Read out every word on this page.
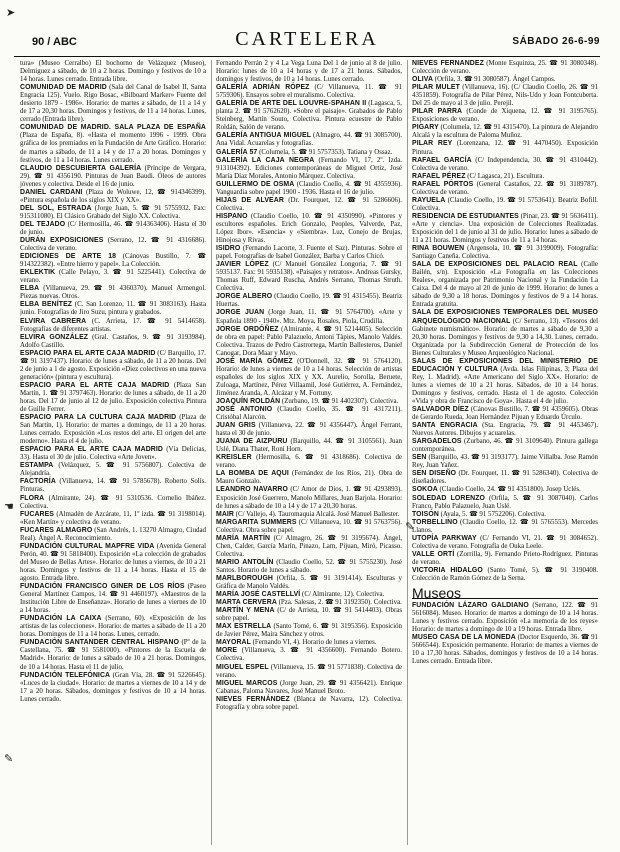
➤
90 / ABC	CARTELERA	SÁBADO 26-6-99

tura» (Museo Cerralbo) El bochorno de Velázquez (Museo), Delmiguez a sábado, de 10 a 2 horas. Domingo y festivos de 10 a 14 horas. Lunes cerrado. Entrada libre.

COMUNIDAD DE MADRID (Sala del Canal de Isabel II, Santa Engracia 125). Vuelo. Rigo Bosac, «Bilboard Marker» Fuente del desierto 1879 - 1986». Horario: de martes a sábado, de 11 a 14 y de 17 a 20,30 horas. Domingos y festivos, de 11 a 14 horas. Lunes, cerrado (Entrada libre).

COMUNIDAD DE MADRID. SALA PLAZA DE ESPAÑA (Plaza de España, 8). «Hasta el momento 1996 - 1999. Obra gráfica de los premiados en la Fundación de Arte Gráfico. Horario: de martes a sábado, de 11 a 14 y de 17 a 20 horas. Domingos y festivos, de 11 a 14 horas. Lunes cerrado.

CLAUDIO DESCUBIERTA GALERÍA (Príncipe de Vergara, 29). ☎ 91 4356190. Pinturas de Juan Baudi. Óleos de autores jóvenes y colectiva. Desde el 16 de junio.

DANIEL CARDANI (Plaza de Woluwe, 12, ☎ 914346399). «Pintura española de los siglos XIX y XX».

DEL SOL, ESTRADA (Jorge Juan, 5. ☎ 91 5755932. Fax: 915311080). El Clásico Grabado del Siglo XX. Colectiva.

DEL TEJADO (C/ Hermosilla, 46. ☎ 914363406). Hasta el 30 de junio.

DURÁN EXPOSICIONES (Serrano, 12. ☎ 91 4316686). Colectiva de verano.

EDICIONES DE ARTE 18 (Cánovas Bustillo, 7. ☎ 914322382). «Entre hierro y papel». La Colección.

EKLEKTIK (Calle Pelayo, 3. ☎ 91 5225441). Colectiva de verano.

ELBA (Villanueva, 29. ☎ 91 4360370). Manuel Armengol. Piezas nuevas. Otros.

ELBA BENÍTEZ (C. San Lorenzo, 11. ☎ 91 3083163). Hasta junio. Fotografías de Jiro Suzu, pintura y grabados.

ELVIRA CABRERA (C. Arrieta, 17. ☎ 91 5414658). Fotografías de diferentes artistas.

ELVIRA GONZÁLEZ (Gral. Castaños, 9. ☎ 91 3193984). Adolfo Castillo.

ESPACIO PARA EL ARTE CAJA MADRID (C/ Barquillo, 17. ☎ 91 3197437). Horario: de lunes a sábado, de 11 a 20 horas. Del 2 de junio a 1 de agosto. Exposición «Diez colectivos en una nueva generación» (pintura y escultura).

ESPACIO PARA EL ARTE CAJA MADRID (Plaza San Martín, 1. ☎ 91 3797463). Horario: de lunes a sábado, de 11 a 20 horas. Del 17 de junio al 12 de julio. Exposición colectiva Pintura de Guille Ferrer.

ESPACIO PARA LA CULTURA CAJA MADRID (Plaza de San Martín, 1). Horario: de martes a domingo, de 11 a 20 horas. Lunes cerrado. Exposición «Los restos del arte. El origen del arte moderno». Hasta el 4 de julio.

ESPACIO PARA EL ARTE CAJA MADRID (Vía Delicias, 33). Hasta el 30 de julio. Colectiva «Arte Joven».

ESTAMPA (Velázquez, 5. ☎ 91 5756807). Colectiva de Alejandría.

FACTORÍA (Villanueva, 14. ☎ 91 5785678). Roberto Solís. Pinturas.

FLORA (Almirante, 24). ☎ 91 5310536. Cornelio Ibáñez. Colectiva.

FUCARES (Almadén de Azcárate, 11, 1º izda. ☎ 91 3198014). «Ken Martín» y colectiva de verano.

FUCARES ALMAGRO (San Andrés, 1. 13270 Almagro, Ciudad Real). Ángel A. Reconocimiento.

FUNDACIÓN CULTURAL MAPFRE VIDA (Avenida General Perón, 40. ☎ 91 5818400). Exposición «La colección de grabados del Museo de Bellas Artes». Horario: de lunes a viernes, de 10 a 21 horas. Domingos y festivos de 11 a 14 horas. Hasta el 15 de agosto. Entrada libre.

FUNDACIÓN FRANCISCO GINER DE LOS RÍOS (Paseo General Martínez Campos, 14. ☎ 91 4460197). «Maestros de la Institución Libre de Enseñanza». Horario de lunes a viernes de 10 a 14 horas.

FUNDACIÓN LA CAIXA (Serrano, 60). «Exposición de los artistas de las colecciones». Horario: de martes a sábado de 11 a 20 horas. Domingos de 11 a 14 horas. Lunes, cerrado.

FUNDACIÓN SANTANDER CENTRAL HISPANO (Pº de la Castellana, 75. ☎ 91 5581000). «Pintores de la Escuela de Madrid». Horario: de lunes a sábado de 10 a 21 horas. Domingos, de 10 a 14 horas. Hasta el 11 de julio.

FUNDACIÓN TELEFÓNICA (Gran Vía, 28. ☎ 91 5226645). «Luces de la ciudad». Horario: de martes a viernes de 10 a 14 y de 17 a 20 horas. Sábados, domingos y festivos de 10 a 14 horas. Lunes cerrado.

Fernando Perrán 2 y 4 La Vega Luna Del 1 de junio al 8 de julio. Horario: lunes de 10 a 14 horas y de 17 a 21 horas. Sábados, domingos y festivos, de 10 a 14 horas. Lunes cerrado.

GALERÍA ADRIÁN RÓPEZ (C/ Villanueva, 11. ☎ 91 5759306). Ensayos sobre el muralismo. Colectiva.

GALERÍA DE ARTE DEL LOUVRE-SPAHAN II (Lagasca, 5, planta 2. ☎ 91 5762620). «Sobre el paisaje». Grabados de Pablo Steinberg, Martín Souto, Colectiva. Pintura ecuestre de Pablo Roldán, Salón de verano.

GALERÍA ANTIGUA MIGUEL (Almagro, 44. ☎ 91 3085700). Ana Vidal. Acuarelas y fotografías.

GALERÍA 57 (Columela, 5. ☎ 91 5757353). Tatiana y Ossaz.

GALERÍA LA CAJA NEGRA (Fernando VI, 17, 2º. Izda. 913104392). Ediciones contemporáneas de Miguel Ortiz, José María Díaz Morales, Antonio Márquez. Colectiva.

GUILLERMO DE OSMA (Claudio Coello, 4. ☎ 91 4355936). Vanguardia sobre papel 1900 - 1936. Hasta el 16 de julio.

HIJAS DE ALVEAR (Dr. Fourquet, 12. ☎ 91 5286606). Colectiva.

HISPANO (Claudio Coello, 10. ☎ 91 4350990). «Pintores y escultores españoles. Erich Gonzalo, Peoples, Valverde, Paz, López Ibor». «Esencia» y «Siembra». Luz, Conejo de Brujas, Hinojosa y Rivas.

ISIDRO (Fernando Lacorte, 3. Fuente el Saz). Pinturas. Sobre el papel. Fotografías de Isabel González, Barba y Carlos Chicó.

JAVIER LÓPEZ (C/ Manuel González Longoria, 7. ☎ 91 5935137. Fax: 91 5935138). «Paisajes y retratos». Andreas Gursky, Thomas Ruff, Edward Ruscha, Andrés Serrano, Thomas Struth. Colectiva.

JORGE ALBERO (Claudio Coello, 19. ☎ 91 4315455). Beatriz Huertas.

JORGE JUAN (Jorge Juan, 11. ☎ 91 5764700). «Arte y Española 1890 - 1940». Mtz. Moya, Rosales, Piola, Crudilla.

JORGE ORDÓÑEZ (Almirante, 4. ☎ 91 5214405). Selección de obra en papel: Pablo Palazuelo, Antoni Tàpies, Manolo Valdés. Colectiva. Trazos de Pedro Castrortega, Martín Ballesteros, Daniel Canogar, Dora Maar y Mayo.

JOSÉ MARÍA GÓMEZ (O'Donnell, 32. ☎ 91 5764120). Horario: de lunes a viernes de 10 a 14 horas. Selección de artistas españoles de los siglos XIX y XX. Aurelio, Sorolla, Beruete, Zuloaga, Martínez, Pérez Villaamil, José Gutiérrez, A. Fernández, Jiménez Aranda, A. Alcázar y M. Fortuny.

JOAQUÍN ROLDÁN (Zurbano, 19. ☎ 91 4402307). Colectiva.

JOSÉ ANTONIO (Claudio Coello, 35. ☎ 91 4317211). Cristóbal Alarcón.

JUAN GRIS (Villanueva, 22. ☎ 91 4356447). Ángel Ferrant, hasta el 30 de junio.

JUANA DE AIZPURU (Barquillo, 44. ☎ 91 3105561). Juan Uslé, Diana Thater, Roni Horn.

KREISLER (Hermosilla, 6. ☎ 91 4318686). Colectiva de verano.

LA BOMBA DE AQUI (Fernández de los Ríos, 21). Obra de Mauro Gonzalo.

LEANDRO NAVARRO (C/ Amor de Dios, 1. ☎ 91 4293893). Exposición José Guerrero, Manolo Millares, Juan Barjola. Horario: de lunes a sábado de 10 a 14 y de 17 a 20,30 horas.

MAIR (C/ Vallejo, 4). Tauromaquia Alcalá. José Manuel Ballester.

MARGARITA SUMMERS (C/ Villanueva, 10. ☎ 91 5763756). Colectiva. Obra sobre papel.

MARÍA MARTÍN (C/ Almagro, 26. ☎ 91 3195674). Ángel, Chen, Calder, García Marín, Pinazo, Lam, Pijuan, Miró, Picasso. Colectiva.

MARIO ANTOLÍN (Claudio Coello, 52. ☎ 91 5755230). José Santos. Horario de lunes a sábado.

MARLBOROUGH (Orfila, 5. ☎ 91 3191414). Esculturas y Gráfica de Manolo Valdés.

MARÍA JOSÉ CASTELLVÍ (C/ Almirante, 12). Colectiva.

MARTA CERVERA (Pza. Salesas, 2. ☎ 91 3192350). Colectiva.

MARTÍN Y MENA (C/ de Arrieta, 10. ☎ 91 5414403). Obras sobre papel.

MAX ESTRELLA (Santo Tomé, 6. ☎ 91 3195356). Exposición de Javier Pérez, Maira Sánchez y otros.

MAYORAL (Fernando VI, 4). Horario de lunes a viernes.

MORE (Villanueva, 3. ☎ 91 4356600). Fernando Botero. Colectiva.

MIGUEL ESPEL (Villanueva, 15. ☎ 91 5771838). Colectiva de verano.

MIGUEL MARCOS (Jorge Juan, 29. ☎ 91 4356421). Enrique Cabanas, Paloma Navares, José Manuel Broto.

NIEVES FERNÁNDEZ (Blanca de Navarra, 12). Colectiva. Fotografía y obra sobre papel.

NIEVES FERNÁNDEZ (Monte Esquinza, 25. ☎ 91 3080348). Colección de verano.

OLIVA (Orfila, 3. ☎ 91 3080587). Ángel Campos.

PILAR MULET (Villanueva, 16). (C/ Claudio Coello, 26. ☎ 91 4351859). Fotografía de Pilar Pérez, Nils-Udo y Joan Fontcuberta. Del 25 de mayo al 3 de julio. Perejil.

PILAR PARRA (Conde de Xiquena, 12. ☎ 91 3195765). Exposiciones de verano.

PIGARY (Columela, 12. ☎ 91 4315470). La pintura de Alejandro Alcalá y la escultura de Paloma Muñoz.

PILAR REY (Lorenzana, 12. ☎ 91 4470450). Exposición Pintura.

RAFAEL GARCÍA (C/ Independencia, 30. ☎ 91 4310442). Colectiva de verano.

RAFAEL PÉREZ (C/ Lagasca, 21). Escultura.

RAFAEL PÓRTOS (General Castaños, 22. ☎ 91 3189787). Colectiva de verano.

RAYUELA (Claudio Coello, 19. ☎ 91 5753641). Beatriz Bofill. Colectiva.

RESIDENCIA DE ESTUDIANTES (Pinar, 23. ☎ 91 5636411). «Arte y ciencia». Una exposición de Colecciones Realizadas. Exposición del 1 de junio al 31 de julio. Horario: lunes a sábado de 11 a 21 horas. Domingos y festivos de 11 a 14 horas.

RINA BOUWEN (Argensola, 10. ☎ 91 3199009). Fotografía: Santiago Caneña. Colectiva.

SALA DE EXPOSICIONES DEL PALACIO REAL (Calle Bailén, s/n). Exposición «La Fotografía en las Colecciones Reales», organizada por Patrimonio Nacional y la Fundación La Caixa. Del 4 de mayo al 20 de junio de 1999. Horario: de lunes a sábado de 9,30 a 18 horas. Domingos y festivos de 9 a 14 horas. Entrada gratuita.

SALA DE EXPOSICIONES TEMPORALES DEL MUSEO ARQUEOLÓGICO NACIONAL (C/ Serrano, 13). «Tesoros del Gabinete numismático». Horario: de martes a sábado de 9,30 a 20,30 horas. Domingos y festivos de 9,30 a 14,30. Lunes, cerrado. Organizada por la Subdirección General de Protección de los Bienes Culturales y Museo Arqueológico Nacional.

SALAS DE EXPOSICIONES DEL MINISTERIO DE EDUCACIÓN Y CULTURA (Avda. Islas Filipinas, 3; Plaza del Rey, 1. Madrid). «Arte Americano del Siglo XX». Horario: de lunes a viernes de 10 a 21 horas. Sábados, de 10 a 14 horas. Domingos y festivos, cerrado. Hasta el 1 de agosto. Colección «Vida y obra de Francisco de Goya». Hasta el 4 de julio.

SALVADOR DÍEZ (Cánovas Bustillo, 7. ☎ 91 4359605). Obras de Gerardo Rueda, Joan Hernández Pijuan y Eduardo Úrculo.

SANTA ENGRACIA (Sta. Engracia, 79. ☎ 91 4453467). Nuevos Autores. Dibujos y acuarelas.

SARGADELOS (Zurbano, 46. ☎ 91 3109640). Pintura gallega contemporánea.

SEN (Barquillo, 43. ☎ 91 3193177). Jaime Villalba. Jose Ramón Rey, Juan Yañez.

SEN DISEÑO (Dr. Fourquet, 11. ☎ 91 5286340). Colectiva de diseñadores.

SOKOA (Claudio Coello, 24. ☎ 91 4351800). Josep Uclés.

SOLEDAD LORENZO (Orfila, 5. ☎ 91 3087040). Carlos Franco, Pablo Palazuelo, Juan Uslé.

TOISÓN (Ayala, 5. ☎ 91 5752206). Colectiva.

TORBELLINO (Claudio Coello, 12. ☎ 91 5765553). Mercedes Llanos.

UTOPÍA PARKWAY (C/ Fernando VI, 21. ☎ 91 3084652). Colectiva de verano. Fotografía de Ouka Leele.

VALLE ORTÍ (Zorrilla, 9). Fernando Prieto-Rodríguez. Pinturas de verano.

VICTORIA HIDALGO (Santo Tomé, 5). ☎ 91 3190408. Colección de Ramón Gómez de la Serna.

Museos

FUNDACIÓN LÁZARO GALDIANO (Serrano, 122. ☎ 91 5616084). Museo. Horario: de martes a domingo de 10 a 14 horas. Lunes y festivos cerrado. Exposición «La memoria de los reyes» Horario: de martes a domingo de 10 a 19 horas. Entrada libre.

MUSEO CASA DE LA MONEDA (Doctor Esquerdo, 36. ☎ 91 5666544). Exposición permanente. Horario: de martes a viernes de 10 a 17,30 horas. Sábados, domingos y festivos de 10 a 14 horas. Lunes cerrado. Entrada libre.

☚
✎
✎
